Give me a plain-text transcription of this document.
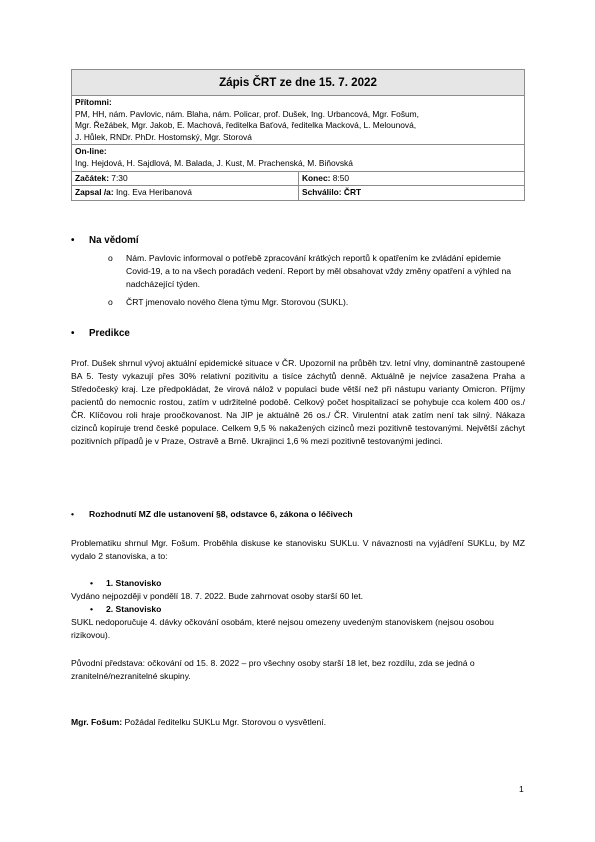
Zápis ČRT ze dne 15. 7. 2022	

Přítomni:
PM, HH, nám. Pavlovic, nám. Blaha, nám. Policar, prof. Dušek, Ing. Urbancová, Mgr. Fošum,
Mgr. Řežábek, Mgr. Jakob, E. Machová, ředitelka Baťová, ředitelka Macková, L. Melounová,
J. Hůlek, RNDr. PhDr. Hostomský, Mgr. Storová	

On-line:
Ing. Hejdová, H. Sajdlová, M. Balada, J. Kust, M. Prachenská, M. Biňovská	

Začátek: 7:30	Konec: 8:50
Zapsal /a: Ing. Eva Heribanová	Schválilo: ČRT
• Na vědomí
o Nám. Pavlovic informoval o potřebě zpracování krátkých reportů k opatřením ke zvládání epidemie Covid-19, a to na všech poradách vedení. Report by měl obsahovat vždy změny opatření a výhled na nadcházející týden.
o ČRT jmenovalo nového člena týmu Mgr. Storovou (SUKL).
• Predikce
Prof. Dušek shrnul vývoj aktuální epidemické situace v ČR. Upozornil na průběh tzv. letní vlny, dominantně zastoupené BA 5. Testy vykazují přes 30% relativní pozitivitu a tisíce záchytů denně. Aktuálně je nejvíce zasažena Praha a Středočeský kraj. Lze předpokládat, že virová nálož v populaci bude větší než při nástupu varianty Omicron. Příjmy pacientů do nemocnic rostou, zatím v udržitelné podobě. Celkový počet hospitalizací se pohybuje cca kolem 400 os./ ČR. Klíčovou roli hraje proočkovanost. Na JIP je aktuálně 26 os./ ČR. Virulentní atak zatím není tak silný. Nákaza cizinců kopíruje trend české populace. Celkem 9,5 % nakažených cizinců mezi pozitivně testovanými. Největší záchyt pozitivních případů je v Praze, Ostravě a Brně. Ukrajinci 1,6 % mezi pozitivně testovanými jedinci.
• Rozhodnutí MZ dle ustanovení §8, odstavce 6, zákona o léčivech
Problematiku shrnul Mgr. Fošum. Proběhla diskuse ke stanovisku SUKLu. V návaznosti na vyjádření SUKLu, by MZ vydalo 2 stanoviska, a to:
• 1. Stanovisko
Vydáno nejpozději v pondělí 18. 7. 2022. Bude zahrnovat osoby starší 60 let.
• 2. Stanovisko
SUKL nedoporučuje 4. dávky očkování osobám, které nejsou omezeny uvedeným stanoviskem (nejsou osobou rizikovou).
Původní představa: očkování od 15. 8. 2022 – pro všechny osoby starší 18 let, bez rozdílu, zda se jedná o zranitelné/nezranitelné skupiny.
Mgr. Fošum: Požádal ředitelku SUKLu Mgr. Storovou o vysvětlení.
1
